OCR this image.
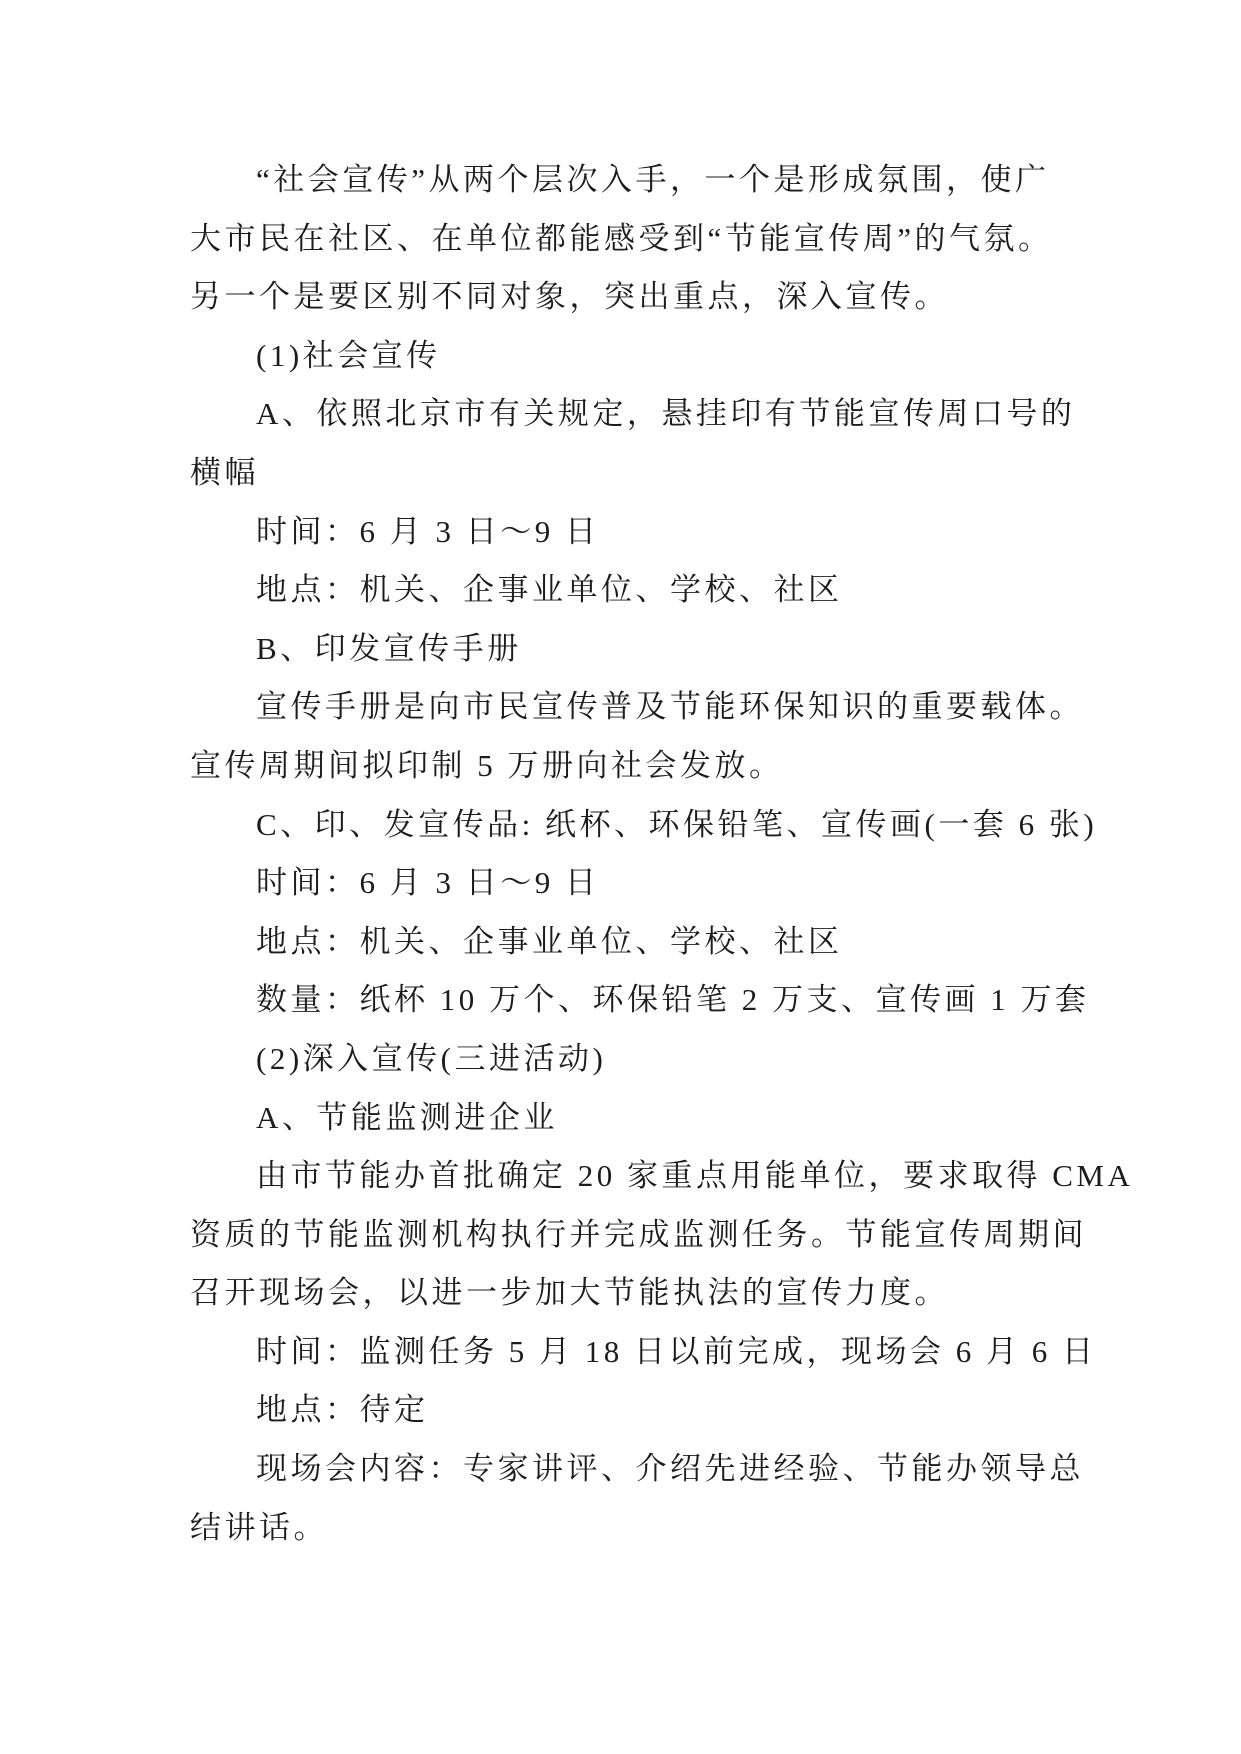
“社会宣传”从两个层次入手，一个是形成氛围，使广
大市民在社区、在单位都能感受到“节能宣传周”的气氛。
另一个是要区别不同对象，突出重点，深入宣传。
(1)社会宣传
A、依照北京市有关规定，悬挂印有节能宣传周口号的
横幅
时间：6 月 3 日～9 日
地点：机关、企事业单位、学校、社区
B、印发宣传手册
宣传手册是向市民宣传普及节能环保知识的重要载体。
宣传周期间拟印制 5 万册向社会发放。
C、印、发宣传品: 纸杯、环保铅笔、宣传画(一套 6 张)
时间：6 月 3 日～9 日
地点：机关、企事业单位、学校、社区
数量：纸杯 10 万个、环保铅笔 2 万支、宣传画 1 万套
(2)深入宣传(三进活动)
A、节能监测进企业
由市节能办首批确定 20 家重点用能单位，要求取得 CMA
资质的节能监测机构执行并完成监测任务。节能宣传周期间
召开现场会，以进一步加大节能执法的宣传力度。
时间：监测任务 5 月 18 日以前完成，现场会 6 月 6 日
地点：待定
现场会内容：专家讲评、介绍先进经验、节能办领导总
结讲话。
